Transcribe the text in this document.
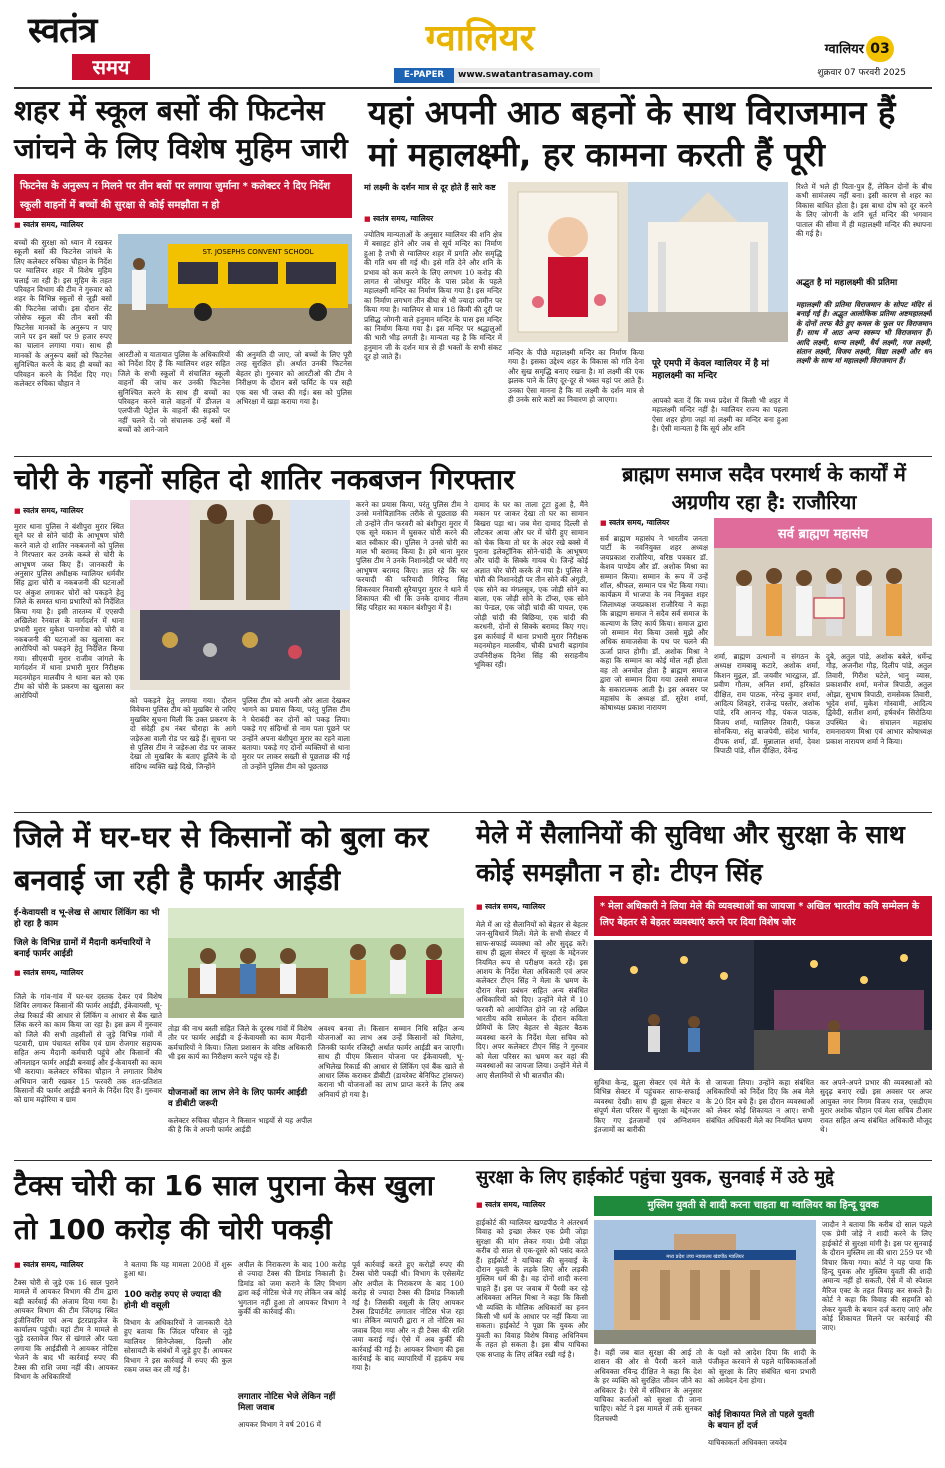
स्वतंत्र
समय
ग्वालियर
E-PAPER	www.swatantrasamay.com
ग्वालियर 03
शुक्रवार 07 फरवरी 2025
शहर में स्कूल बसों की फिटनेस जांचने के लिए विशेष मुहिम जारी
फिटनेस के अनुरूप न मिलने पर तीन बसों पर लगाया जुर्माना * कलेक्टर ने दिए निर्देश स्कूली वाहनों में बच्चों की सुरक्षा से कोई समझौता न हो
■ स्वतंत्र समय, ग्वालियर
बच्चों की सुरक्षा को ध्यान में रखकर स्कूली बसों की फिटनेस जांचने के लिए कलेक्टर रुचिका चौहान के निर्देश पर ग्वालियर शहर में विशेष मुहिम चलाई जा रही है। इस मुहिम के तहत परिवहन विभाग की टीम ने गुरुवार को शहर के विभिन्न स्कूलों से जुड़ी बसों की फिटनेस जांची। इस दौरान सेंट जोसेफ स्कूल की तीन बसों की फिटनेस मानकों के अनुरूप न पाए जाने पर इन बसों पर 9 हजार रुपए का चालान लगाया गया। साथ ही मानकों के अनुरूप बसों को फिटनेस सुनिश्चित करने के बाद ही बच्चों का परिवहन करने के निर्देश दिए गए। कलेक्टर रुचिका चौहान ने
ST. JOSEPHS CONVENT SCHOOL
आरटीओ व यातायात पुलिस के अधिकारियों को निर्देश दिए हैं कि ग्वालियर शहर सहित जिले के सभी स्कूलों में संचालित स्कूली वाहनों की जांच कर उनकी फिटनेस सुनिश्चित करने के साथ ही बच्चों का परिवहन करने वाले वाहनों में डीजल व एलपीजी पेट्रोल के वाहनों की सड़कों पर नहीं चलने दें। जो संचालक उन्हें बसों में बच्चों को आने-जाने
की अनुमति दी जाए, जो बच्चों के लिए पूरी तरह सुरक्षित हों। अर्थात उनकी फिटनेस बेहतर हो। गुरुवार को आरटीओ की टीम ने निरीक्षण के दौरान बसें फर्मिट के पत्र सही एक बस भी जब्त की गई। बस को पुलिस अभिरक्षा में खड़ा कराया गया है।
यहां अपनी आठ बहनों के साथ विराजमान हैं मां महालक्ष्मी, हर कामना करती हैं पूरी
मां लक्ष्मी के दर्शन मात्र से दूर होते हैं सारे कष्ट
■ स्वतंत्र समय, ग्वालियर
ज्योतिष मान्यताओं के अनुसार ग्वालियर की शनि क्षेत्र में बसाहट होने और जब से सूर्य मन्दिर का निर्माण हुआ है तभी से ग्वालियर शहर में प्रगति और समृद्धि की गति थम सी गई थी। इसे गति देने और शनि के प्रभाव को कम करने के लिए लगभग 10 करोड़ की लागत से जोधपुर मंदिर के पास प्रदेश के पहले महालक्ष्मी मन्दिर का निर्माण किया गया है। इस मन्दिर का निर्माण लगभग तीन बीघा से भी ज्यादा जमीन पर किया गया है। ग्वालियर से मात्र 18 किमी की दूरी पर प्रसिद्ध जोगनी वाले हनुमान मन्दिर के पास इस मन्दिर का निर्माण किया गया है। इस मन्दिर पर श्रद्धालुओं की भारी भीड़ लगती है। मान्यता यह है कि मन्दिर में हनुमान जी के दर्शन मात्र से ही भक्तों के सभी संकट दूर हो जाते हैं।	मन्दिर के पीछे महालक्ष्मी मन्दिर का निर्माण किया गया है। इसका उद्देश्य शहर के विकास को गति देना और सुख समृद्धि बनाए रखना है। मां लक्ष्मी की एक झलक पाने के लिए दूर-दूर से भक्त यहां पर आते हैं। उनका ऐसा मानना है कि मां लक्ष्मी के दर्शन मात्र से ही उनके सारे कष्टों का निवारण हो जाएगा।
पूरे एमपी में केवल ग्वालियर में है मां महालक्ष्मी का मन्दिर
आपको बता दें कि मध्य प्रदेश में किसी भी शहर में महालक्ष्मी मन्दिर नहीं है। ग्वालियर राज्य का पहला ऐसा शहर होगा जहां मां लक्ष्मी का मन्दिर बना हुआ है। ऐसी मान्यता है कि सूर्य और शनि
रिश्ते में भले ही पिता-पुत्र हैं, लेकिन दोनों के बीच कभी सामंजस्य नहीं बना। इसी कारण से शहर का विकास बाधित होता है। इस बाधा दोष को दूर करने के लिए जोगनी के शनि धूर्त मन्दिर की भगवान पाताल की सीमा में ही महालक्ष्मी मन्दिर की स्थापना की गई है।
अद्भुत है मां महालक्ष्मी की प्रतिमा
महालक्ष्मी की प्रतिमा विराजमान के सोपट मंदिर से बनाई गई है। अद्भुत आलोकिक प्रतिमा अष्टमहालक्ष्मी के दोनों तरफ बैठे हुए कमल के फूल पर विराजमान हैं। साथ में आठ अन्य स्वरूप भी विराजमान हैं। आदि लक्ष्मी, धान्य लक्ष्मी, धैर्य लक्ष्मी, गज लक्ष्मी, संतान लक्ष्मी, विजय लक्ष्मी, विद्या लक्ष्मी और धन लक्ष्मी के साथ मां महालक्ष्मी विराजमान हैं।
चोरी के गहनों सहित दो शातिर नकबजन गिरफ्तार
■ स्वतंत्र समय, ग्वालियर
मुरार थाना पुलिस ने बंशीपुरा मुरार स्थित सूने घर से सोने चांदी के आभूषण चोरी करने वाले दो शातिर नकबजनों को पुलिस ने गिरफ्तार कर उनके कब्जे से चोरी के आभूषण जब्त किए हैं। जानकारी के अनुसार पुलिस अधीक्षक ग्वालियर धर्मवीर सिंह द्वारा चोरी व नकबजनी की घटनाओं पर अंकुश लगाकर चोरों को पकड़ने हेतु जिले के समस्त थाना प्रभारियों को निर्देशित किया गया है। इसी तारतम्य में एएसपी अखिलेश रैनवाल के मार्गदर्शन में थाना प्रभारी मुरार मुकेश पानगोत्रा को चोरी व नकबजनी की घटनाओं का खुलासा कर आरोपियों को पकड़ने हेतु निर्देशित किया गया। सीएसपी मुरार राजीव जांगले के मार्गदर्शन में थाना प्रभारी मुरार निरीक्षक मदनमोहन मालवीय ने थाना बल को एक टीम को चोरी के प्रकरण का खुलासा कर आरोपियों
को पकड़ने हेतु लगाया गया। दौरान विवेचना पुलिस टीम को मुखबिर से जरिए मुखबिर सूचना मिली कि उक्त प्रकरण के दो संदेही हथ नंबर चौराहा के आगे जड़ेरुआ वाली रोड पर खड़े हैं। सूचना पर से पुलिस टीम ने जड़ेरुआ रोड पर जाकर देखा तो मुखबिर के बताए हुलिये के दो संदिग्ध व्यक्ति खड़े दिखे, जिन्होंने
पुलिस टीम को अपनी ओर आता देखकर भागने का प्रयास किया, परंतु पुलिस टीम ने घेराबंदी कर दोनों को पकड़ लिया। पकड़े गए संदिग्धों से नाम पता पूछने पर उन्होंने अपना बंशीपुरा मुरार का रहने वाला बताया। पकड़े गए दोनों व्यक्तियों से थाना मुरार पर लाकर सख्ती से पूछताछ की गई तो उन्होंने पुलिस टीम को पूछताछ
करने का प्रयास किया, परंतु पुलिस टीम ने उनसे मनोविज्ञानिक तरीके से पूछताछ की तो उन्होंने तीन फरवरी को बंशीपुरा मुरार में एक सूने मकान में घुसकर चोरी करने की बात स्वीकार की। पुलिस ने उनसे चोरी का माल भी बरामद किया है। हमे थाना मुरार पुलिस टीम ने उनके निशानदेही पर चोरी गए आभूषण बरामद किए। ज्ञात रहे कि घर फरयादी की फरियादी गिरिन्द्र सिंह सिकरवार निवासी सुरैयापुरा मुरार ने थाने में शिकायत की थी कि उनके दामाद नीतम सिंह परिहार का मकान बंशीपुरा में है।
दामाद के घर का ताला टूटा हुआ है, मैंने मकान पर जाकर देखा तो घर का सामान बिखरा पड़ा था। जब मेरा दामाद दिल्ली से लौटकर आया और घर में चोरी हुए सामान को चेक किया तो घर के अंदर रखे बक्से में पुराना इलेक्ट्रॉनिक सोने-चांदी के आभूषण और चांदी के सिक्के गायब थे। जिन्हें कोई अज्ञात चोर चोरी करके ले गया है। पुलिस ने चोरी की निशानदेही पर तीन सोने की अंगूठी, एक सोने का मंगलसूत्र, एक जोड़ी सोने का बाला, एक जोड़ी सोने के टॉप्स, एक सोने का पेन्डल, एक जोड़ी चांदी की पायल, एक जोड़ी चांदी की बिछिया, एक चांदी की करधनी, दोनों से सिक्के बरामद किए गए। इस कार्रवाई में थाना प्रभारी मुरार निरीक्षक मदनमोहन मालवीय, चौकी प्रभारी बड़ागांव उपनिरीक्षक दिनेश सिंह की सराहनीय भूमिका रही।
ब्राह्मण समाज सदैव परमार्थ के कार्यों में अग्रणीय रहा है: राजौरिया
■ स्वतंत्र समय, ग्वालियर
सर्व ब्राह्मण महासंघ ने भारतीय जनता पार्टी के नवनियुक्त शहर अध्यक्ष जयप्रकाश राजौरिया, वरिष्ठ पत्रकार डॉ. केशव पाण्डेय और डॉ. अशोक मिश्रा का सम्मान किया। सम्मान के रूप में उन्हें शॉल, श्रीफल, सम्मान पत्र भेंट किया गया। कार्यक्रम में भाजपा के नव नियुक्त शहर जिलाध्यक्ष जयप्रकाश राजौरिया ने कहा कि ब्राह्मण समाज ने सदैव सर्व समाज के कल्याण के लिए कार्य किया। समाज द्वारा जो सम्मान मेरा किया उससे मुझे और अधिक समाजसेवा के पथ पर चलने की ऊर्जा प्राप्त होगी। डॉ. अशोक मिश्रा ने कहा कि सम्मान का कोई मोल नहीं होता वह तो अनमोल होता है ब्राह्मण समाज द्वारा जो सम्मान दिया गया उससे समाज के सकारात्मक आती है। इस अवसर पर महासंघ के अध्यक्ष डॉ. सुरेश शर्मा, कोषाध्यक्ष प्रकाश नारायण
सर्व ब्राह्मण महासंघ
शर्मा, ब्राह्मण उत्थानों व संगठन के अध्यक्ष रामबाबू कटारे, अशोक शर्मा, किशन मुद्गल, डॉ. जयवीर भारद्वाज, डॉ. प्रवीण गौतम, अनिल शर्मा, हरिकांत दीक्षित, राम पाठक, नरेन्द्र कुमार शर्मा, आदित्य शिवहरे, राजेन्द्र पस्तोर, अशोक पांडे, रवि आनन्द गौड़, पंकज पाठक, विजय शर्मा, ग्वालियर तिवारी, पंकज सोनकिया, संतु बाजपेयी, संदेश भार्गव, दीपक शर्मा, डॉ. मुन्नालाल शर्मा, देवश त्रिपाठी पांडे, शील दीक्षित, देवेन्द्र
दुबे, अतुल पांडे, अशोक बबेले, धर्मेन्द्र गौड़, अजनीश गौड़, दिलीप पांडे, अतुल तिवारी, गिरीश घटेले, भानु व्यास, प्रकाशवीर शर्मा, मनोज त्रिपाठी, अतुल ओझा, सुभाष त्रिपाठी, रामसेवक तिवारी, भूदेव शर्मा, मुकेश गोस्वामी, आदित्य द्विवेदी, सतीश शर्मा, हर्षवर्धन सिरोठिया उपस्थित थे। संचालन महासंघ रामनारायण मिश्रा एवं आभार कोषाध्यक्ष प्रकाश नारायण शर्मा ने किया।
जिले में घर-घर से किसानों को बुला कर बनवाई जा रही है फार्मर आईडी
ई-केवायसी व भू-लेख से आधार लिंकिंग का भी हो रहा है काम
जिले के विभिन्न ग्रामों में मैदानी कर्मचारियों ने बनाई फार्मर आईडी
■ स्वतंत्र समय, ग्वालियर
जिले के गांव-गांव में घर-घर दस्तक देकर एवं विशेष शिविर लगाकर किसानों की फार्मर आईडी, ईकेवायसी, भू-लेख रिकार्ड की आधार से लिंकिंग व आधार से बैंक खाते लिंक करने का काम किया जा रहा है। इस क्रम में गुरुवार को जिले की सभी तहसीलों से जुड़े विभिन्न गांवों में पटवारी, ग्राम पंचायत सचिव एवं ग्राम रोजगार सहायक सहित अन्य मैदानी कर्मचारी पहुंचे और किसानों की ऑनलाइन फार्मर आईडी बनवाई और ई-केवायसी का काम भी कराया। कलेक्टर रुचिका चौहान ने लगातार विशेष अभियान जारी रखकर 15 फरवरी तक शत-प्रतिशत किसानों की फार्मर आईडी बनाने के निर्देश दिए हैं। गुरुवार को ग्राम मढ़ोरिया व ग्राम
तोड़ा की नाथ बस्ती सहित जिले के दूरस्थ गांवों में विशेष तौर पर फार्मर आईडी व ई-केवायसी का काम मैदानी कर्मचारियों ने किया। जिला प्रशासन के वरिष्ठ अधिकारी भी इस कार्य का निरीक्षण करने पहुंच रहे हैं।
योजनाओं का लाभ लेने के लिए फार्मर आईडी व डीबीटी जरूरी
कलेक्टर रुचिका चौहान ने किसान भाइयों से यह अपील की है कि वे अपनी फार्मर आईडी
अवश्य बनवा लें। किसान सम्मान निधि सहित अन्य योजनाओं का लाभ अब उन्हें किसानों को मिलेगा, जिनकी फार्मर रजिस्ट्री अर्थात फार्मर आईडी बन जाएगी। साथ ही पीएम किसान योजना पर ईकेवायसी, भू-अभिलेख रिकार्ड की आधार से लिंकिंग एवं बैंक खाते से आधार लिंक कराकर डीबीटी (डायरेक्ट बेनिफिट ट्रांसफर) कराना भी योजनाओं का लाभ प्राप्त करने के लिए अब अनिवार्य हो गया है।
मेले में सैलानियों की सुविधा और सुरक्षा के साथ कोई समझौता न हो: टीएन सिंह
■ स्वतंत्र समय, ग्वालियर	* मेला अधिकारी ने लिया मेले की व्यवस्थाओं का जायजा * अखिल भारतीय कवि सम्मेलन के लिए बेहतर से बेहतर व्यवस्थाएं करने पर दिया विशेष जोर
मेले में आ रहे सैलानियों को बेहतर से बेहतर जन-सुविधायें मिलें। मेले के सभी सेक्टर में साफ-सफाई व्यवस्था को और सुदृढ़ करें। साथ ही झूला सेक्टर में सुरक्षा के मद्देनजर नियमित रूप से परीक्षण करते रहें। इस आशय के निर्देश मेला अधिकारी एवं अपर कलेक्टर टीएन सिंह ने मेला के भ्रमण के दौरान मेला प्रबंधन सहित अन्य संबंधित अधिकारियों को दिए। उन्होंने मेले में 10 फरवरी को आयोजित होने जा रहे अखिल भारतीय कवि सम्मेलन के दौरान कविता प्रेमियों के लिए बेहतर से बेहतर बैठक व्यवस्था करने के निर्देश मेला सचिव को दिए। अपर कलेक्टर टीएन सिंह ने गुरुवार को मेला परिसर का भ्रमण कर वहां की व्यवस्थाओं का जायजा लिया। उन्होंने मेले में आए सैलानियों से भी बातचीत की।
सुविधा केन्द्र, झूला सेक्टर एवं मेले के विभिन्न सेक्टर में पहुंचकर साफ-सफाई व्यवस्था देखी। साथ ही झूला सेक्टर व संपूर्ण मेला परिसर में सुरक्षा के मद्देनजर किए गए इंतजामों एवं अग्निशमन इंतजामों का बारीकी
से जायजा लिया। उन्होंने कहा संबंधित अधिकारियों को निर्देश दिए कि अब मेले के 20 दिन बचे हैं। इस दौरान व्यवस्थाओं को लेकर कोई शिकायत न आए। सभी संबंधित अधिकारी मेले का नियमित भ्रमण
कर अपने-अपने प्रभार की व्यवस्थाओं को सुदृढ़ बनाए रखें। इस अवसर पर अपर आयुक्त नगर निगम विजय राज, एसडीएम मुरार अशोक चौहान एवं मेला सचिव टीआर रावत सहित अन्य संबंधित अधिकारी मौजूद थे।
टैक्स चोरी का 16 साल पुराना केस खुला तो 100 करोड़ की चोरी पकड़ी
■ स्वतंत्र समय, ग्वालियर
टैक्स चोरी से जुड़े एक 16 साल पुराने मामले में आयकर विभाग की टीम द्वारा बड़ी कार्रवाई की अंजाम दिया गया है। आयकर विभाग की टीम जिंदगढ़ स्थित इंजीनियरिंग एवं अन्य इंटरप्राइजेज के कार्यालय पहुंची। यहां टीम ने मामले से जुड़े दस्तावेज फिर से खंगाले और पता लगाया कि आईडीसी ने आयकर नोटिस भेजने के बाद भी कार्रवाई रुपए की टैक्स की राशि जमा नहीं की। आयकर विभाग के अधिकारियों
ने बताया कि यह मामला 2008 में शुरू हुआ था।
100 करोड़ रुपए से ज्यादा की होनी थी वसूली
विभाग के अधिकारियों ने जानकारी देते हुए बताया कि जिंदल परिवार से जुड़े ग्वालियर सिनेप्लेक्स, दिल्ली और सोसायटी के संबंधों में जुड़े हुए हैं। आयकर विभाग ने इस कार्रवाई में रुपए की कुल रकम जब्त कर ली गई है।
अपील के निराकरण के बाद 100 करोड़ से ज्यादा टैक्स की डिमांड निकाली है। डिमांड को जमा कराने के लिए विभाग द्वारा कई नोटिस भेजे गए लेकिन जब कोई भुगतान नहीं हुआ तो आयकर विभाग ने कुर्की की कार्रवाई की।
लगातार नोटिस भेजे लेकिन नहीं मिला जवाब
आयकर विभाग ने वर्ष 2016 में
पूर्व कार्रवाई करते हुए करोड़ों रुपए की टैक्स चोरी पकड़ी थी। विभाग के एसेसमेंट और अपील के निराकरण के बाद 100 करोड़ से ज्यादा टैक्स की डिमांड निकाली गई है। जिसकी वसूली के लिए आयकर टैक्स डिपार्टमेंट लगातार नोटिस भेज रहा था। लेकिन व्यापारी द्वारा न तो नोटिस का जवाब दिया गया और न ही टैक्स की राशि जमा कराई गई। ऐसे में अब कुर्की की कार्रवाई की गई है। आयकर विभाग की इस कार्रवाई के बाद व्यापारियों में हड़कंप मच गया है।
सुरक्षा के लिए हाईकोर्ट पहुंचा युवक, सुनवाई में उठे मुद्दे
■ स्वतंत्र समय, ग्वालियर	मुस्लिम युवती से शादी करना चाहता था ग्वालियर का हिन्दू युवक
हाईकोर्ट की ग्वालियर खण्डपीठ ने अंतरधर्म विवाह को इच्छा लेकर एक प्रेमी जोड़ा सुरक्षा की मांग लेकर गया। प्रेमी जोड़ा करीब दो साल से एक-दूसरे को पसंद करते हैं। हाईकोर्ट ने याचिका की सुनवाई के दौरान युवती के लड़के लिए और लड़की मुस्लिम धर्म की है। वह दोनों शादी करना चाहते हैं। इस पर जवाब में पैरवी कर रहे अधिवक्ता अनिल मिश्रा ने कहा कि किसी भी व्यक्ति के मौलिक अधिकारों का हनन किसी भी धर्म के आधार पर नहीं किया जा सकता। हाईकोर्ट ने पूछा कि युवक और युवती का विवाह विशेष विवाह अधिनियम के तहत हो सकता है। इस बीच याचिका एक सप्ताह के लिए लंबित रखी गई है।
मध्य प्रदेश उच्च न्यायालय खंडपीठ ग्वालियर
है। वहीं जब बात सुरक्षा की आई तो शासन की ओर से पैरवी करने वाले अधिवक्ता रविन्द्र दीक्षित ने कहा कि देश के हर व्यक्ति को सुरक्षित जीवन जीने का अधिकार है। ऐसे में संविधान के अनुसार याचिका कर्ताओं को सुरक्षा दी जाना चाहिए। कोर्ट ने इस मामले में तर्क सुनकर दिलचस्पी
के पक्षों को आदेश दिया कि शादी के पंजीकृत करवाने से पहले याचिकाकर्ताओं को सुरक्षा के लिए संबंधित थाना प्रभारी को आवेदन देना होगा।
कोई शिकायत मिले तो पहले युवती के बयान हों दर्ज
याचिकाकर्ता अधिवक्ता जयदेव
जादौन ने बताया कि करीब दो साल पहले एक प्रेमी जोड़े ने शादी करने के लिए हाईकोर्ट से सुरक्षा मांगी है। इस पर सुनवाई के दौरान मुस्लिम ला की धारा 259 पर भी विचार किया गया। कोर्ट ने यह पाया कि हिन्दू युवक और मुस्लिम युवती की शादी अमान्य नहीं हो सकती, ऐसे में वो स्पेशल मैरिज एक्ट के तहत विवाह कर सकते हैं। कोर्ट ने कहा कि विवाह की सहमति को लेकर युवती के बयान दर्ज कराए जाएं और कोई शिकायत मिलने पर कार्रवाई की जाए।
